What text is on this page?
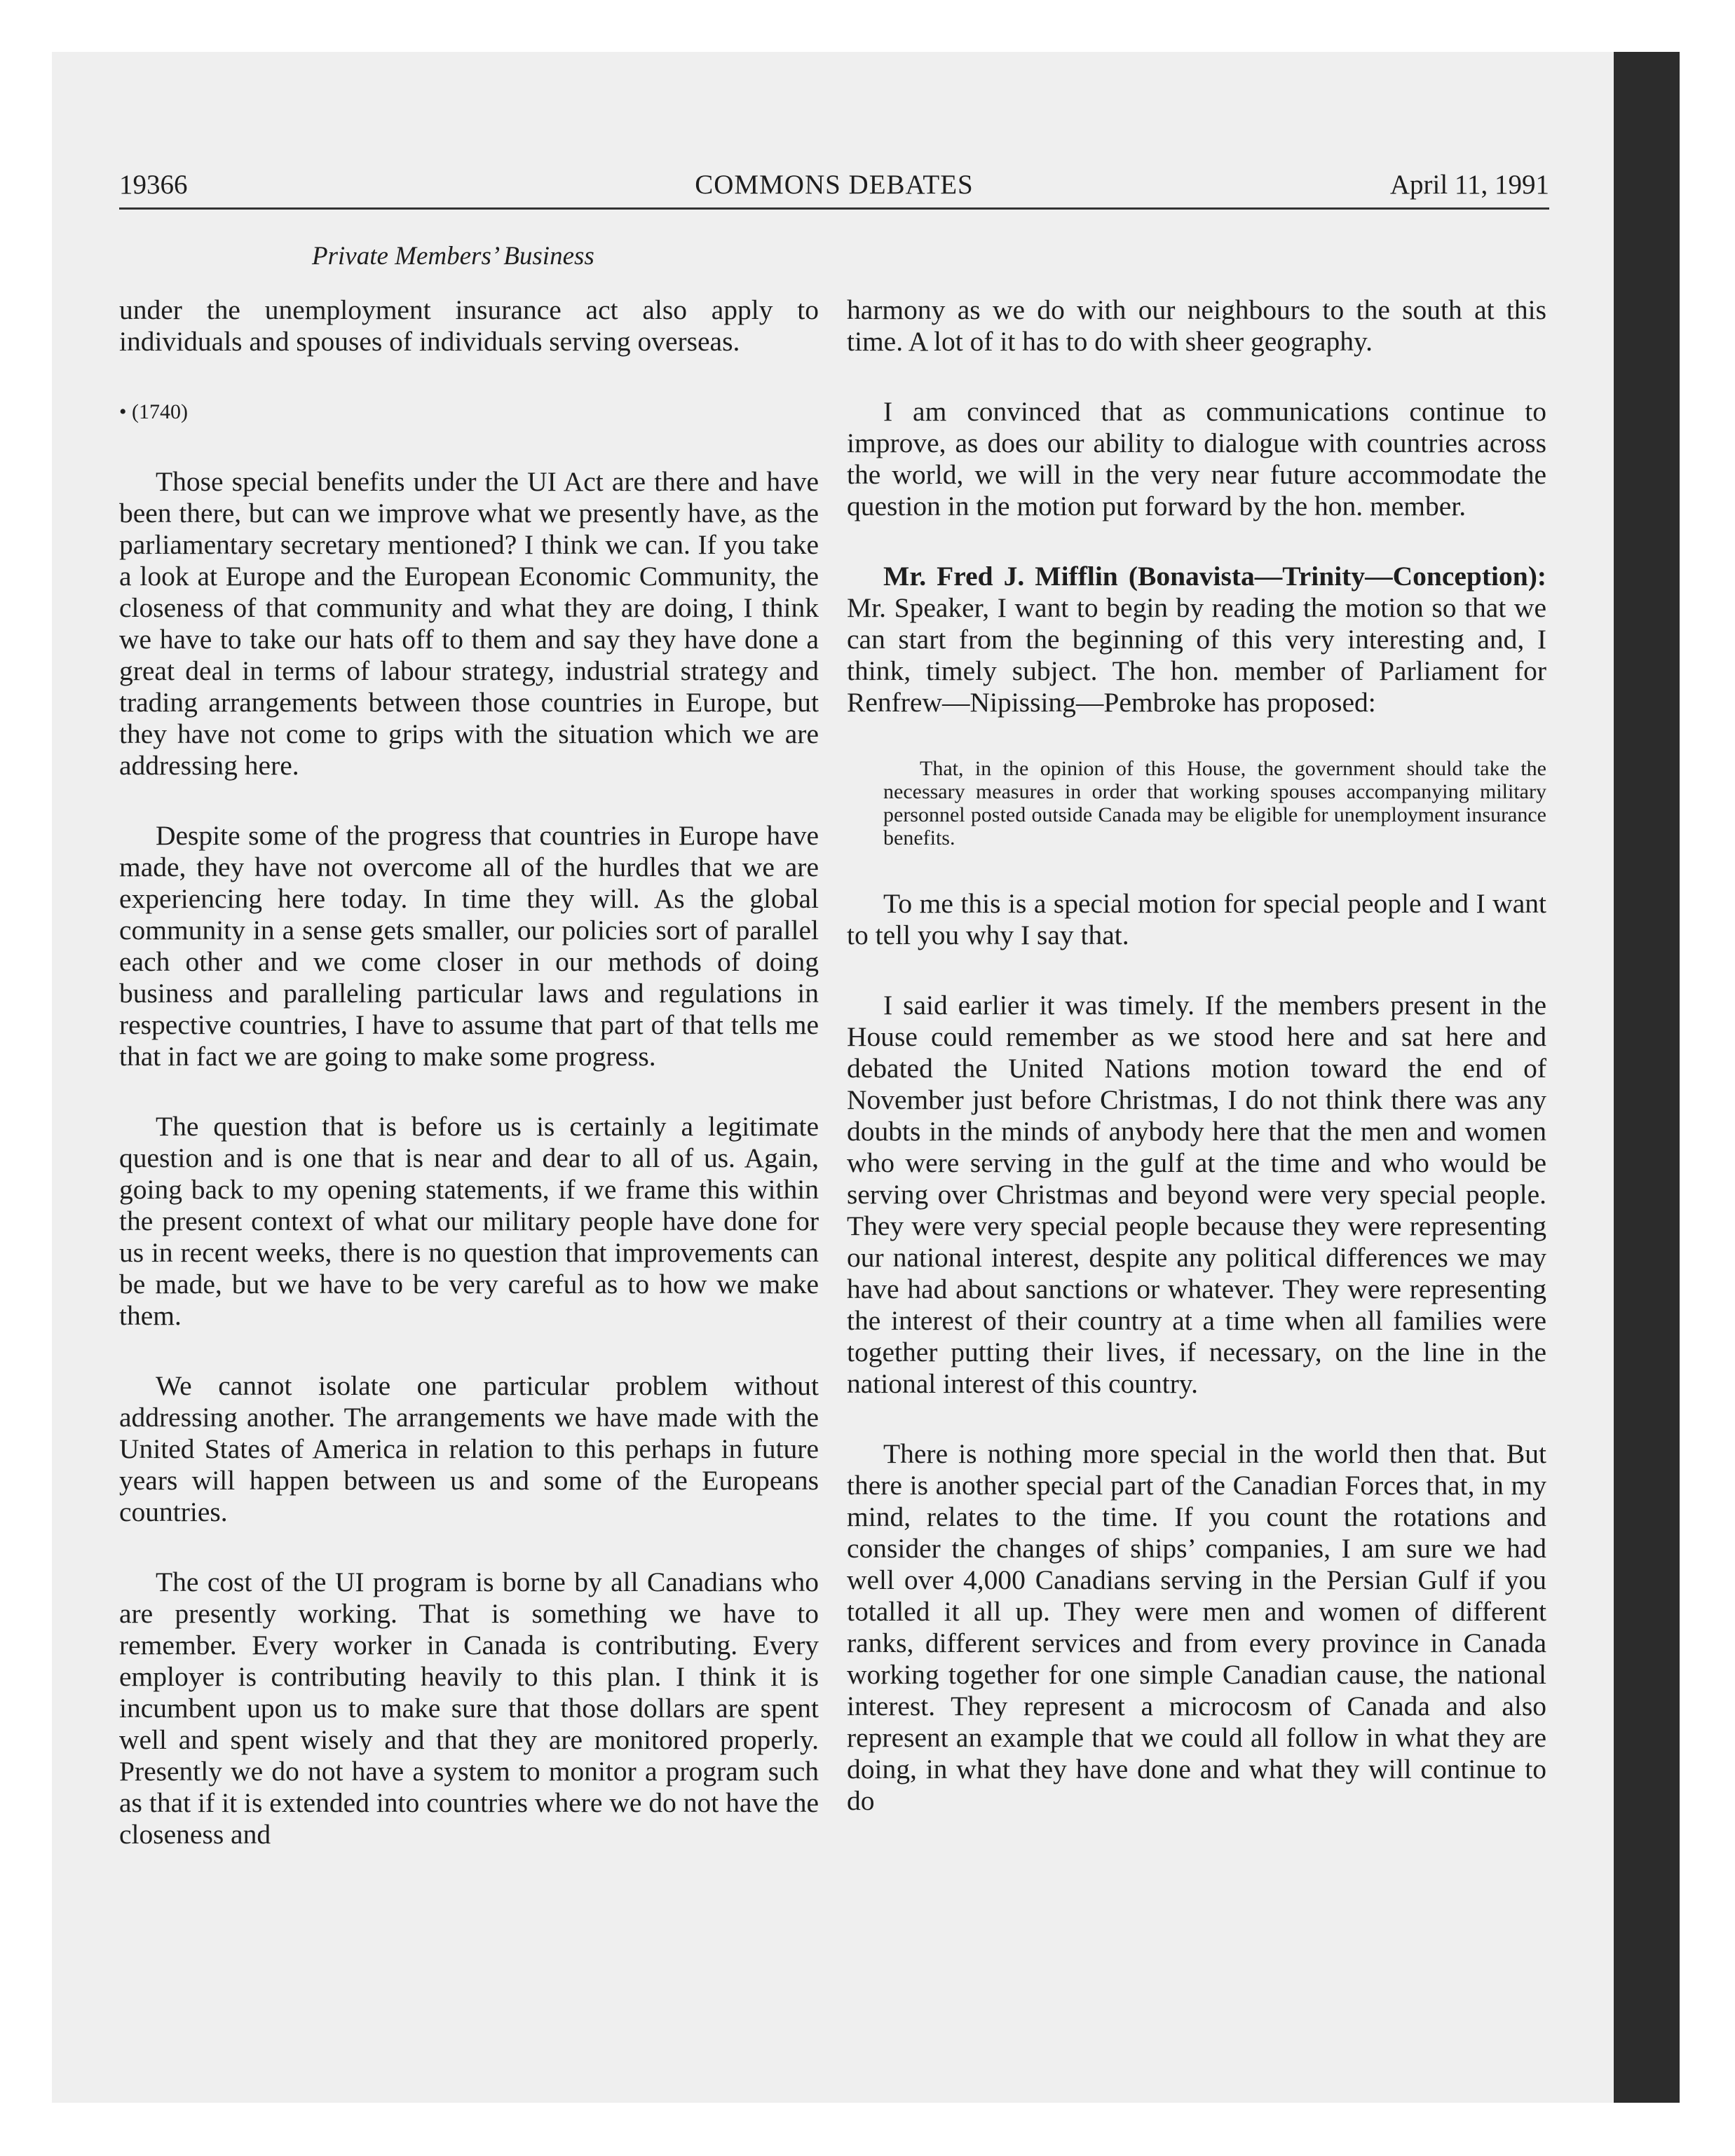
19366	COMMONS DEBATES	April 11, 1991
Private Members’ Business

under the unemployment insurance act also apply to individuals and spouses of individuals serving overseas.

• (1740)

Those special benefits under the UI Act are there and have been there, but can we improve what we presently have, as the parliamentary secretary mentioned? I think we can. If you take a look at Europe and the European Economic Community, the closeness of that community and what they are doing, I think we have to take our hats off to them and say they have done a great deal in terms of labour strategy, industrial strategy and trading arrangements between those countries in Europe, but they have not come to grips with the situation which we are addressing here.

Despite some of the progress that countries in Europe have made, they have not overcome all of the hurdles that we are experiencing here today. In time they will. As the global community in a sense gets smaller, our policies sort of parallel each other and we come closer in our methods of doing business and paralleling particular laws and regulations in respective countries, I have to assume that part of that tells me that in fact we are going to make some progress.

The question that is before us is certainly a legitimate question and is one that is near and dear to all of us. Again, going back to my opening statements, if we frame this within the present context of what our military people have done for us in recent weeks, there is no question that improvements can be made, but we have to be very careful as to how we make them.

We cannot isolate one particular problem without addressing another. The arrangements we have made with the United States of America in relation to this perhaps in future years will happen between us and some of the Europeans countries.

The cost of the UI program is borne by all Canadians who are presently working. That is something we have to remember. Every worker in Canada is contributing. Every employer is contributing heavily to this plan. I think it is incumbent upon us to make sure that those dollars are spent well and spent wisely and that they are monitored properly. Presently we do not have a system to monitor a program such as that if it is extended into countries where we do not have the closeness and

harmony as we do with our neighbours to the south at this time. A lot of it has to do with sheer geography.

I am convinced that as communications continue to improve, as does our ability to dialogue with countries across the world, we will in the very near future accommodate the question in the motion put forward by the hon. member.

Mr. Fred J. Mifflin (Bonavista—Trinity—Conception): Mr. Speaker, I want to begin by reading the motion so that we can start from the beginning of this very interesting and, I think, timely subject. The hon. member of Parliament for Renfrew—Nipissing—Pembroke has proposed:

That, in the opinion of this House, the government should take the necessary measures in order that working spouses accompanying military personnel posted outside Canada may be eligible for unemployment insurance benefits.

To me this is a special motion for special people and I want to tell you why I say that.

I said earlier it was timely. If the members present in the House could remember as we stood here and sat here and debated the United Nations motion toward the end of November just before Christmas, I do not think there was any doubts in the minds of anybody here that the men and women who were serving in the gulf at the time and who would be serving over Christmas and beyond were very special people. They were very special people because they were representing our national interest, despite any political differences we may have had about sanctions or whatever. They were representing the interest of their country at a time when all families were together putting their lives, if necessary, on the line in the national interest of this country.

There is nothing more special in the world then that. But there is another special part of the Canadian Forces that, in my mind, relates to the time. If you count the rotations and consider the changes of ships’ companies, I am sure we had well over 4,000 Canadians serving in the Persian Gulf if you totalled it all up. They were men and women of different ranks, different services and from every province in Canada working together for one simple Canadian cause, the national interest. They represent a microcosm of Canada and also represent an example that we could all follow in what they are doing, in what they have done and what they will continue to do
